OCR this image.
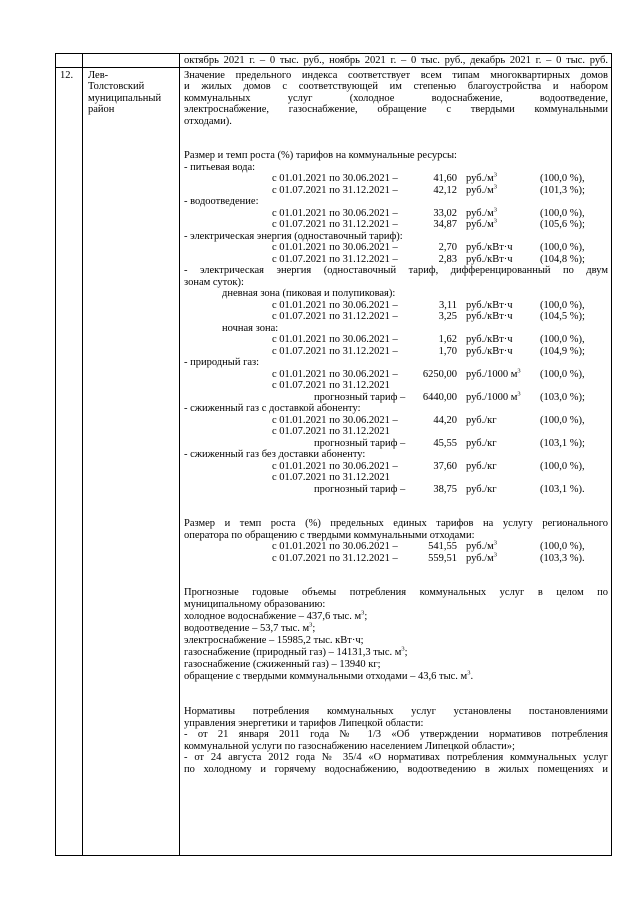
октябрь 2021 г. – 0 тыс. руб., ноябрь 2021 г. – 0 тыс. руб., декабрь 2021 г. – 0 тыс. руб.
12. Лев-
Толстовский
муниципальный
район
Значение предельного индекса соответствует всем типам многоквартирных домов
и жилых домов с соответствующей им степенью благоустройства и набором
коммунальных услуг (холодное водоснабжение, водоотведение,
электроснабжение, газоснабжение, обращение с твердыми коммунальными
отходами).
Размер и темп роста (%) тарифов на коммунальные ресурсы:
- питьевая вода:
с 01.01.2021 по 30.06.2021 –	41,60 $руб./м^3$	(100,0 %),
с 01.07.2021 по 31.12.2021 –	42,12 $руб./м^3$	(101,3 %);
- водоотведение:
с 01.01.2021 по 30.06.2021 –	33,02 $руб./м^3$	(100,0 %),
с 01.07.2021 по 31.12.2021 –	34,87 $руб./м^3$	(105,6 %);
- электрическая энергия (одноставочный тариф):
с 01.01.2021 по 30.06.2021 –	2,70 руб./кВт·ч	(100,0 %),
с 01.07.2021 по 31.12.2021 –	2,83 руб./кВт·ч	(104,8 %);
- электрическая энергия (одноставочный тариф, дифференцированный по двум
зонам суток):
дневная зона (пиковая и полупиковая):
с 01.01.2021 по 30.06.2021 –	3,11 руб./кВт·ч	(100,0 %),
с 01.07.2021 по 31.12.2021 –	3,25 руб./кВт·ч	(104,5 %);
ночная зона:
с 01.01.2021 по 30.06.2021 –	1,62 руб./кВт·ч	(100,0 %),
с 01.07.2021 по 31.12.2021 –	1,70 руб./кВт·ч	(104,9 %);
- природный газ:
с 01.01.2021 по 30.06.2021 –	6250,00 руб./1000 $м^3$ (100,0 %),
с 01.07.2021 по 31.12.2021
прогнозный тариф –	6440,00 руб./1000 $м^3$ (103,0 %);
- сжиженный газ с доставкой абоненту:
с 01.01.2021 по 30.06.2021 –	44,20 руб./кг	(100,0 %),
с 01.07.2021 по 31.12.2021
прогнозный тариф –	45,55 руб./кг	(103,1 %);
- сжиженный газ без доставки абоненту:
с 01.01.2021 по 30.06.2021 –	37,60 руб./кг	(100,0 %),
с 01.07.2021 по 31.12.2021
прогнозный тариф –	38,75 руб./кг	(103,1 %).
Размер и темп роста (%) предельных единых тарифов на услугу регионального
оператора по обращению с твердыми коммунальными отходами:
с 01.01.2021 по 30.06.2021 –	541,55 $руб./м^3$	(100,0 %),
с 01.07.2021 по 31.12.2021 –	559,51 $руб./м^3$	(103,3 %).
Прогнозные годовые объемы потребления коммунальных услуг в целом по
муниципальному образованию:
холодное водоснабжение – 437,6 тыс. $м^3$;
водоотведение – 53,7 тыс. $м^3$;
электроснабжение – 15985,2 тыс. кВт·ч;
газоснабжение (природный газ) – 14131,3 тыс. $м^3$;
газоснабжение (сжиженный газ) – 13940 кг;
обращение с твердыми коммунальными отходами – 43,6 тыс. $м^3$.
Нормативы потребления коммунальных услуг установлены постановлениями
управления энергетики и тарифов Липецкой области:
- от 21 января 2011 года № 1/3 «Об утверждении нормативов потребления
коммунальной услуги по газоснабжению населением Липецкой области»;
- от 24 августа 2012 года № 35/4 «О нормативах потребления коммунальных услуг
по холодному и горячему водоснабжению, водоотведению в жилых помещениях и
